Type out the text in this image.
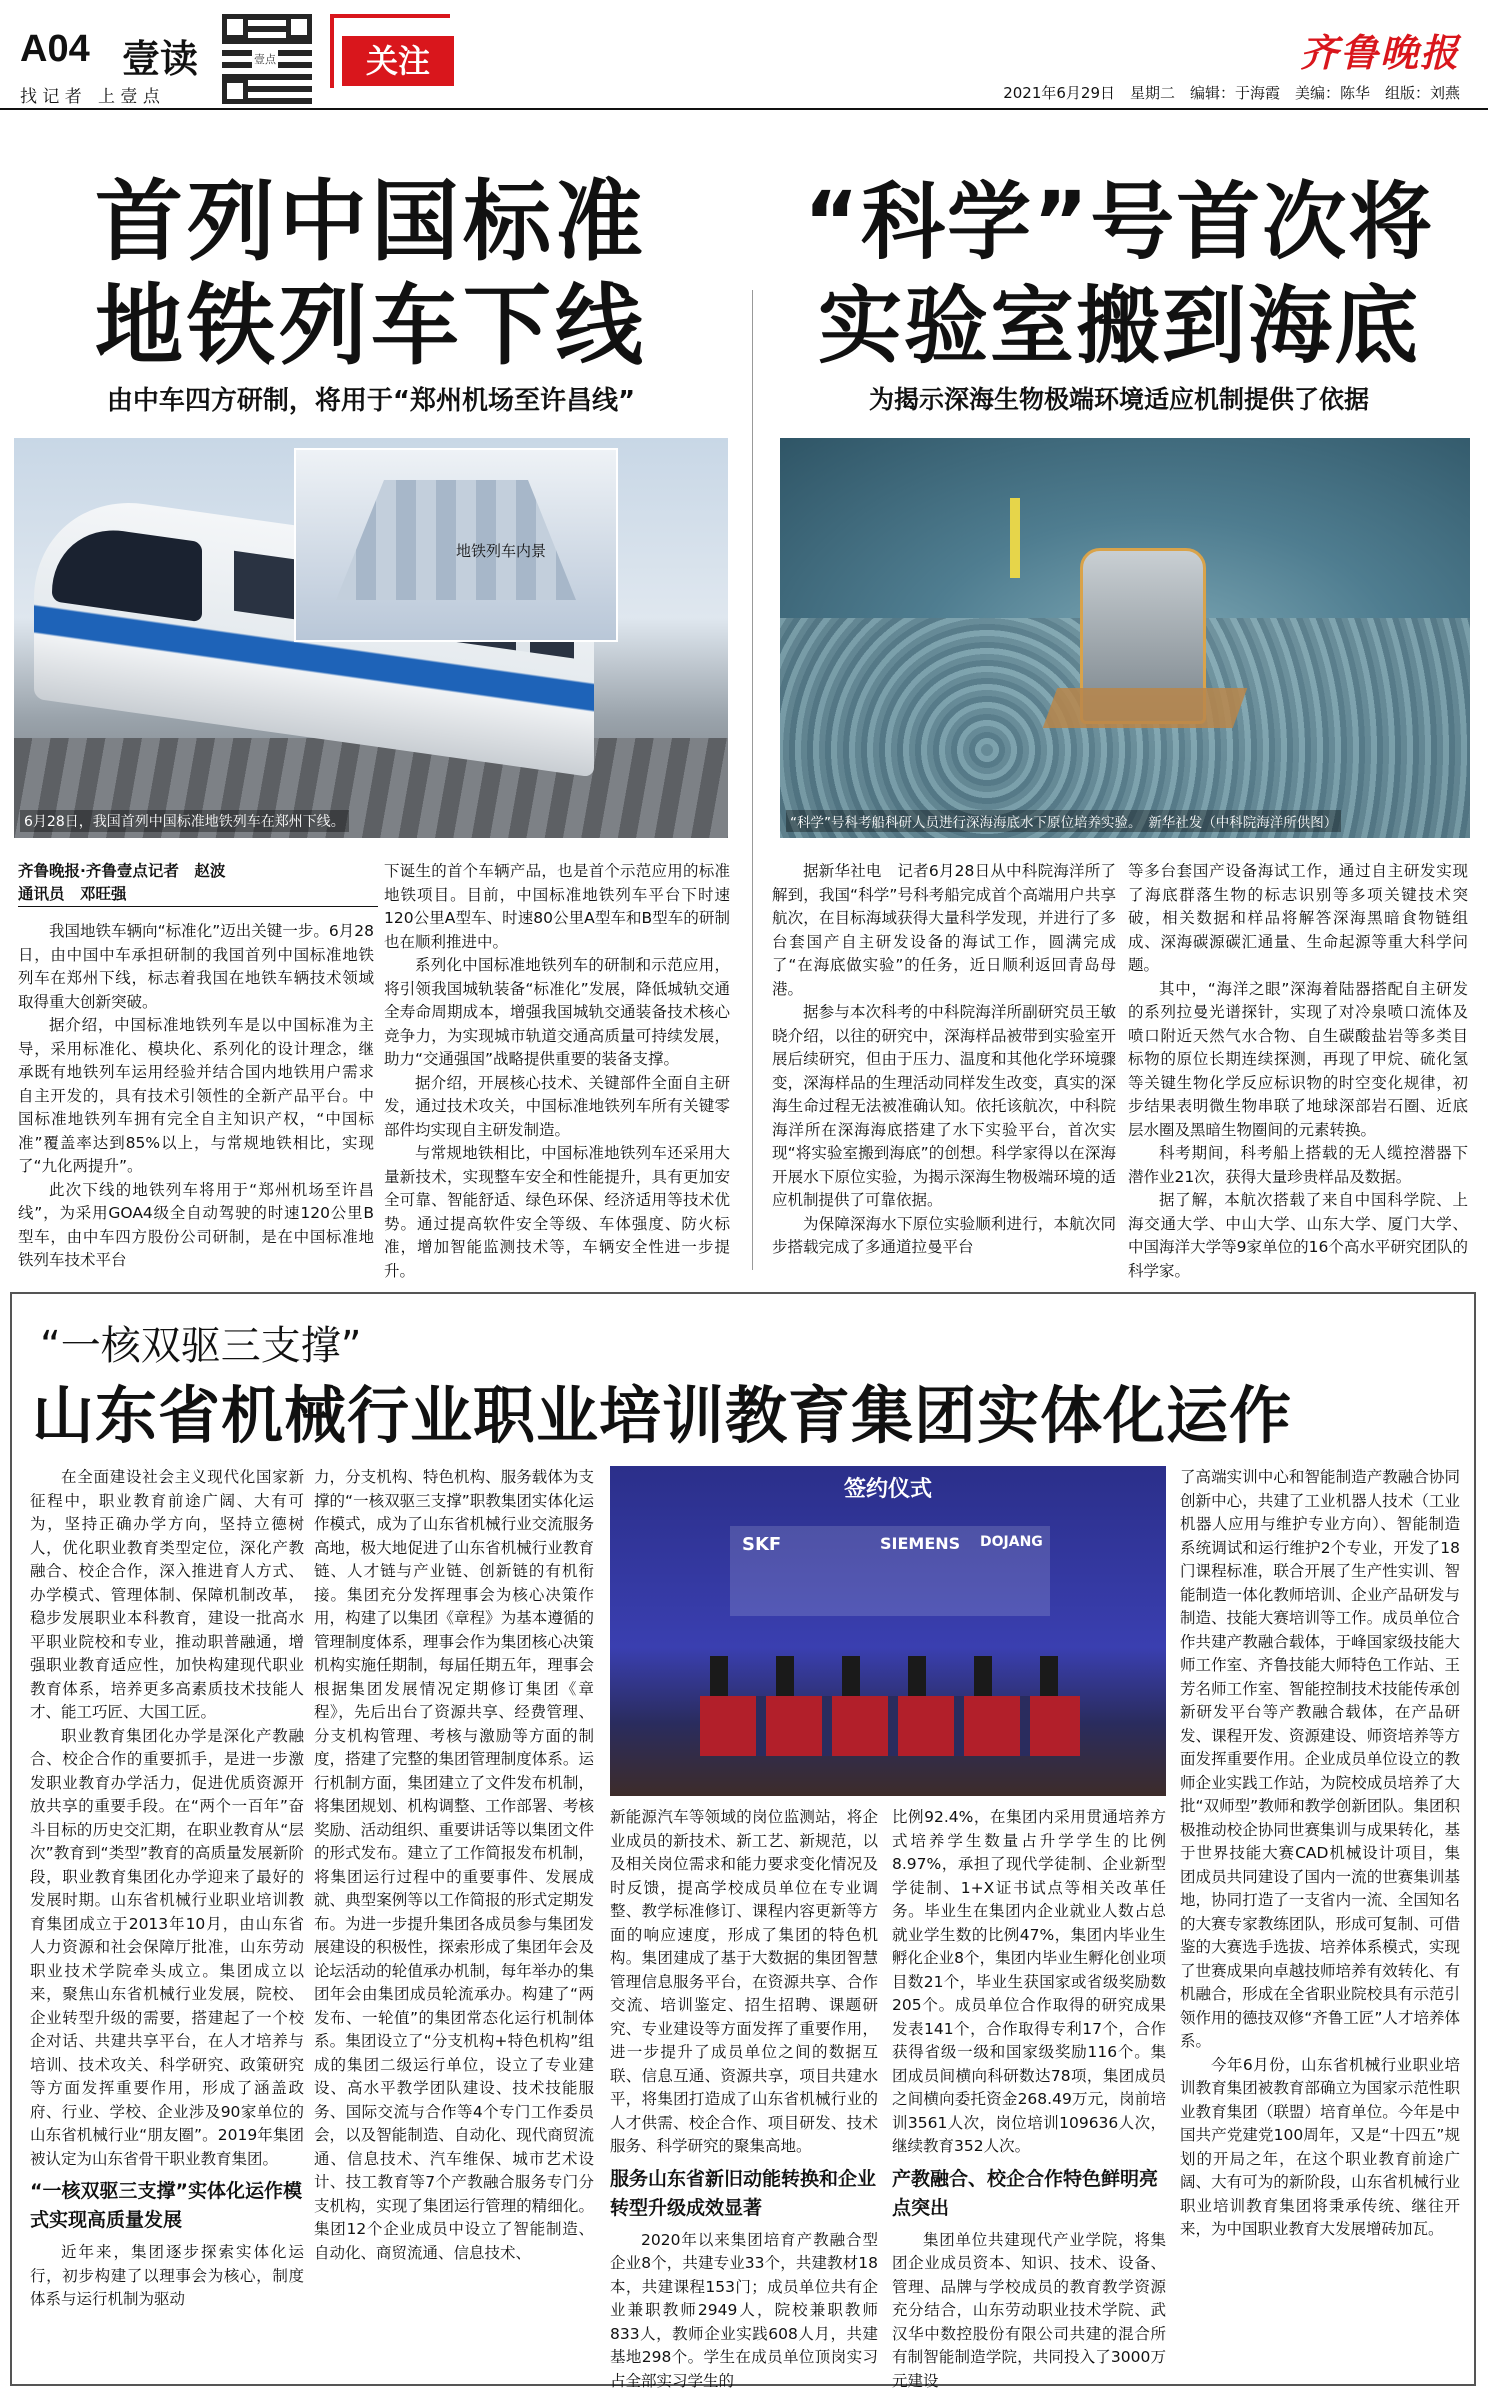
A04 壹读
找 记 者   上 壹 点
壹点	关注	齐鲁晚报
2021年6月29日　星期二　编辑：于海霞　美编：陈华　组版：刘燕
首列中国标准
地铁列车下线
由中车四方研制，将用于“郑州机场至许昌线”
地铁列车内景
6月28日，我国首列中国标准地铁列车在郑州下线。
齐鲁晚报·齐鲁壹点记者　赵波
通讯员　邓旺强

我国地铁车辆向“标准化”迈出关键一步。6月28日，由中国中车承担研制的我国首列中国标准地铁列车在郑州下线，标志着我国在地铁车辆技术领域取得重大创新突破。

据介绍，中国标准地铁列车是以中国标准为主导，采用标准化、模块化、系列化的设计理念，继承既有地铁列车运用经验并结合国内地铁用户需求自主开发的，具有技术引领性的全新产品平台。中国标准地铁列车拥有完全自主知识产权，“中国标准”覆盖率达到85%以上，与常规地铁相比，实现了“九化两提升”。

此次下线的地铁列车将用于“郑州机场至许昌线”，为采用GOA4级全自动驾驶的时速120公里B型车，由中车四方股份公司研制，是在中国标准地铁列车技术平台

下诞生的首个车辆产品，也是首个示范应用的标准地铁项目。目前，中国标准地铁列车平台下时速120公里A型车、时速80公里A型车和B型车的研制也在顺利推进中。

系列化中国标准地铁列车的研制和示范应用，将引领我国城轨装备“标准化”发展，降低城轨交通全寿命周期成本，增强我国城轨交通装备技术核心竞争力，为实现城市轨道交通高质量可持续发展，助力“交通强国”战略提供重要的装备支撑。

据介绍，开展核心技术、关键部件全面自主研发，通过技术攻关，中国标准地铁列车所有关键零部件均实现自主研发制造。

与常规地铁相比，中国标准地铁列车还采用大量新技术，实现整车安全和性能提升，具有更加安全可靠、智能舒适、绿色环保、经济适用等技术优势。通过提高软件安全等级、车体强度、防火标准，增加智能监测技术等，车辆安全性进一步提升。

“科学”号首次将
实验室搬到海底
为揭示深海生物极端环境适应机制提供了依据
“科学”号科考船科研人员进行深海海底水下原位培养实验。　新华社发（中科院海洋所供图）

据新华社电　记者6月28日从中科院海洋所了解到，我国“科学”号科考船完成首个高端用户共享航次，在目标海域获得大量科学发现，并进行了多台套国产自主研发设备的海试工作，圆满完成了“在海底做实验”的任务，近日顺利返回青岛母港。

据参与本次科考的中科院海洋所副研究员王敏晓介绍，以往的研究中，深海样品被带到实验室开展后续研究，但由于压力、温度和其他化学环境骤变，深海样品的生理活动同样发生改变，真实的深海生命过程无法被准确认知。依托该航次，中科院海洋所在深海海底搭建了水下实验平台，首次实现“将实验室搬到海底”的创想。科学家得以在深海开展水下原位实验，为揭示深海生物极端环境的适应机制提供了可靠依据。

为保障深海水下原位实验顺利进行，本航次同步搭载完成了多通道拉曼平台

等多台套国产设备海试工作，通过自主研发实现了海底群落生物的标志识别等多项关键技术突破，相关数据和样品将解答深海黑暗食物链组成、深海碳源碳汇通量、生命起源等重大科学问题。

其中，“海洋之眼”深海着陆器搭配自主研发的系列拉曼光谱探针，实现了对冷泉喷口流体及喷口附近天然气水合物、自生碳酸盐岩等多类目标物的原位长期连续探测，再现了甲烷、硫化氢等关键生物化学反应标识物的时空变化规律，初步结果表明微生物串联了地球深部岩石圈、近底层水圈及黑暗生物圈间的元素转换。

科考期间，科考船上搭载的无人缆控潜器下潜作业21次，获得大量珍贵样品及数据。

据了解，本航次搭载了来自中国科学院、上海交通大学、中山大学、山东大学、厦门大学、中国海洋大学等9家单位的16个高水平研究团队的科学家。

“一核双驱三支撑”
山东省机械行业职业培训教育集团实体化运作

在全面建设社会主义现代化国家新征程中，职业教育前途广阔、大有可为，坚持正确办学方向，坚持立德树人，优化职业教育类型定位，深化产教融合、校企合作，深入推进育人方式、办学模式、管理体制、保障机制改革，稳步发展职业本科教育，建设一批高水平职业院校和专业，推动职普融通，增强职业教育适应性，加快构建现代职业教育体系，培养更多高素质技术技能人才、能工巧匠、大国工匠。

职业教育集团化办学是深化产教融合、校企合作的重要抓手，是进一步激发职业教育办学活力，促进优质资源开放共享的重要手段。在“两个一百年”奋斗目标的历史交汇期，在职业教育从“层次”教育到“类型”教育的高质量发展新阶段，职业教育集团化办学迎来了最好的发展时期。山东省机械行业职业培训教育集团成立于2013年10月，由山东省人力资源和社会保障厅批准，山东劳动职业技术学院牵头成立。集团成立以来，聚焦山东省机械行业发展，院校、企业转型升级的需要，搭建起了一个校企对话、共建共享平台，在人才培养与培训、技术攻关、科学研究、政策研究等方面发挥重要作用，形成了涵盖政府、行业、学校、企业涉及90家单位的山东省机械行业“朋友圈”。2019年集团被认定为山东省骨干职业教育集团。

“一核双驱三支撑”实体化运作模式实现高质量发展

近年来，集团逐步探索实体化运行，初步构建了以理事会为核心，制度体系与运行机制为驱动

力，分支机构、特色机构、服务载体为支撑的“一核双驱三支撑”职教集团实体化运作模式，成为了山东省机械行业交流服务高地，极大地促进了山东省机械行业教育链、人才链与产业链、创新链的有机衔接。集团充分发挥理事会为核心决策作用，构建了以集团《章程》为基本遵循的管理制度体系，理事会作为集团核心决策机构实施任期制，每届任期五年，理事会根据集团发展情况定期修订集团《章程》，先后出台了资源共享、经费管理、分支机构管理、考核与激励等方面的制度，搭建了完整的集团管理制度体系。运行机制方面，集团建立了文件发布机制，将集团规划、机构调整、工作部署、考核奖励、活动组织、重要讲话等以集团文件的形式发布。建立了工作简报发布机制，将集团运行过程中的重要事件、发展成就、典型案例等以工作简报的形式定期发布。为进一步提升集团各成员参与集团发展建设的积极性，探索形成了集团年会及论坛活动的轮值承办机制，每年举办的集团年会由集团成员轮流承办。构建了“两发布、一轮值”的集团常态化运行机制体系。集团设立了“分支机构+特色机构”组成的集团二级运行单位，设立了专业建设、高水平教学团队建设、技术技能服务、国际交流与合作等4个专门工作委员会，以及智能制造、自动化、现代商贸流通、信息技术、汽车维保、城市艺术设计、技工教育等7个产教融合服务专门分支机构，实现了集团运行管理的精细化。集团12个企业成员中设立了智能制造、自动化、商贸流通、信息技术、

签约仪式
SKF	SIEMENS DOJANG

新能源汽车等领域的岗位监测站，将企业成员的新技术、新工艺、新规范，以及相关岗位需求和能力要求变化情况及时反馈，提高学校成员单位在专业调整、教学标准修订、课程内容更新等方面的响应速度，形成了集团的特色机构。集团建成了基于大数据的集团智慧管理信息服务平台，在资源共享、合作交流、培训鉴定、招生招聘、课题研究、专业建设等方面发挥了重要作用，进一步提升了成员单位之间的数据互联、信息互通、资源共享，项目共建水平，将集团打造成了山东省机械行业的人才供需、校企合作、项目研发、技术服务、科学研究的聚集高地。

服务山东省新旧动能转换和企业转型升级成效显著

2020年以来集团培育产教融合型企业8个，共建专业33个，共建教材18本，共建课程153门；成员单位共有企业兼职教师2949人，院校兼职教师833人，教师企业实践608人月，共建基地298个。学生在成员单位顶岗实习占全部实习学生的

比例92.4%，在集团内采用贯通培养方式培养学生数量占升学学生的比例8.97%，承担了现代学徒制、企业新型学徒制、1+X证书试点等相关改革任务。毕业生在集团内企业就业人数占总就业学生数的比例47%，集团内毕业生孵化企业8个，集团内毕业生孵化创业项目数21个，毕业生获国家或省级奖励数205个。成员单位合作取得的研究成果发表141个，合作取得专利17个，合作获得省级一级和国家级奖励116个。集团成员间横向科研数达78项，集团成员之间横向委托资金268.49万元，岗前培训3561人次，岗位培训109636人次，继续教育352人次。

产教融合、校企合作特色鲜明亮点突出

集团单位共建现代产业学院，将集团企业成员资本、知识、技术、设备、管理、品牌与学校成员的教育教学资源充分结合，山东劳动职业技术学院、武汉华中数控股份有限公司共建的混合所有制智能制造学院，共同投入了3000万元建设

了高端实训中心和智能制造产教融合协同创新中心，共建了工业机器人技术（工业机器人应用与维护专业方向）、智能制造系统调试和运行维护2个专业，开发了18门课程标准，联合开展了生产性实训、智能制造一体化教师培训、企业产品研发与制造、技能大赛培训等工作。成员单位合作共建产教融合载体，于峰国家级技能大师工作室、齐鲁技能大师特色工作站、王芳名师工作室、智能控制技术技能传承创新研发平台等产教融合载体，在产品研发、课程开发、资源建设、师资培养等方面发挥重要作用。企业成员单位设立的教师企业实践工作站，为院校成员培养了大批“双师型”教师和教学创新团队。集团积极推动校企协同世赛集训与成果转化，基于世界技能大赛CAD机械设计项目，集团成员共同建设了国内一流的世赛集训基地，协同打造了一支省内一流、全国知名的大赛专家教练团队，形成可复制、可借鉴的大赛选手选拔、培养体系模式，实现了世赛成果向卓越技师培养有效转化、有机融合，形成在全省职业院校具有示范引领作用的德技双修“齐鲁工匠”人才培养体系。

今年6月份，山东省机械行业职业培训教育集团被教育部确立为国家示范性职业教育集团（联盟）培育单位。今年是中国共产党建党100周年，又是“十四五”规划的开局之年，在这个职业教育前途广阔、大有可为的新阶段，山东省机械行业职业培训教育集团将秉承传统、继往开来，为中国职业教育大发展增砖加瓦。
